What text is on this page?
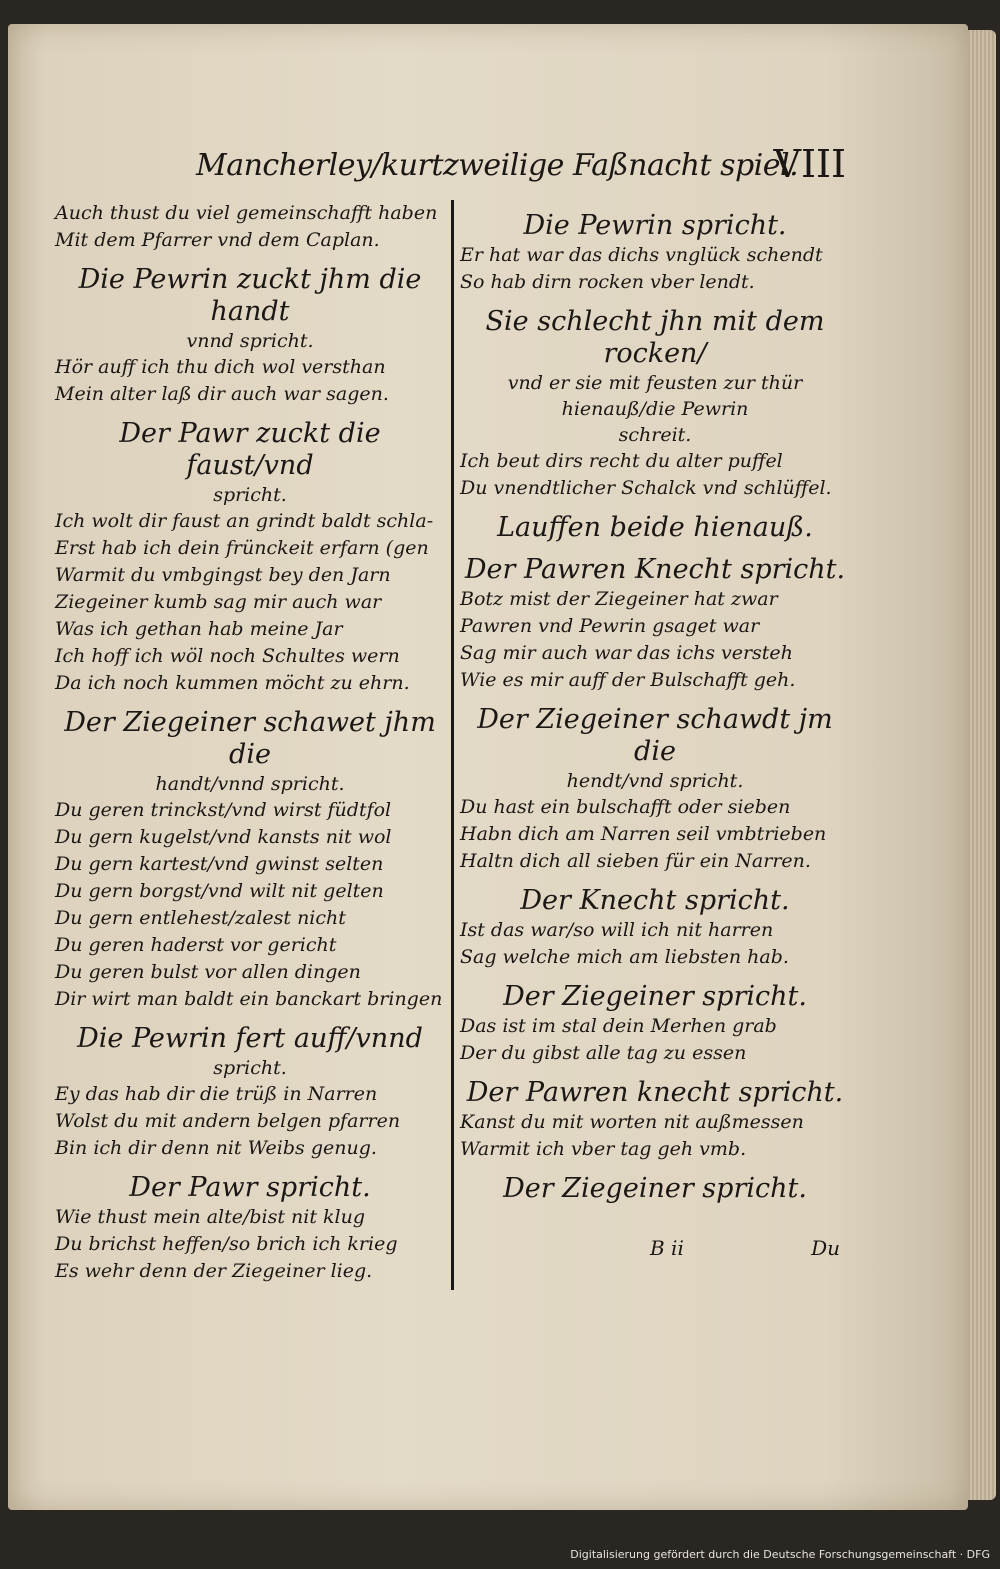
Mancherley/kurtzweilige Faßnacht spiel.
VIII
Auch thust du viel gemeinschafft haben
Mit dem Pfarrer vnd dem Caplan.
Die Pewrin zuckt jhm die handt
vnnd spricht.
Hör auff ich thu dich wol versthan
Mein alter laß dir auch war sagen.
Der Pawr zuckt die faust/vnd
spricht.
Ich wolt dir faust an grindt baldt schla-
Erst hab ich dein frünckeit erfarn (gen
Warmit du vmbgingst bey den Jarn
Ziegeiner kumb sag mir auch war
Was ich gethan hab meine Jar
Ich hoff ich wöl noch Schultes wern
Da ich noch kummen möcht zu ehrn.
Der Ziegeiner schawet jhm die
handt/vnnd spricht.
Du geren trinckst/vnd wirst füdtfol
Du gern kugelst/vnd kansts nit wol
Du gern kartest/vnd gwinst selten
Du gern borgst/vnd wilt nit gelten
Du gern entlehest/zalest nicht
Du geren haderst vor gericht
Du geren bulst vor allen dingen
Dir wirt man baldt ein banckart bringen
Die Pewrin fert auff/vnnd
spricht.
Ey das hab dir die trüß in Narren
Wolst du mit andern belgen pfarren
Bin ich dir denn nit Weibs genug.
Der Pawr spricht.
Wie thust mein alte/bist nit klug
Du brichst heffen/so brich ich krieg
Es wehr denn der Ziegeiner lieg.
Die Pewrin spricht.
Er hat war das dichs vnglück schendt
So hab dirn rocken vber lendt.
Sie schlecht jhn mit dem rocken/
vnd er sie mit feusten zur thür
hienauß/die Pewrin
schreit.
Ich beut dirs recht du alter puffel
Du vnendtlicher Schalck vnd schlüffel.
Lauffen beide hienauß.
Der Pawren Knecht spricht.
Botz mist der Ziegeiner hat zwar
Pawren vnd Pewrin gsaget war
Sag mir auch war das ichs versteh
Wie es mir auff der Bulschafft geh.
Der Ziegeiner schawdt jm die
hendt/vnd spricht.
Du hast ein bulschafft oder sieben
Habn dich am Narren seil vmbtrieben
Haltn dich all sieben für ein Narren.
Der Knecht spricht.
Ist das war/so will ich nit harren
Sag welche mich am liebsten hab.
Der Ziegeiner spricht.
Das ist im stal dein Merhen grab
Der du gibst alle tag zu essen
Der Pawren knecht spricht.
Kanst du mit worten nit außmessen
Warmit ich vber tag geh vmb.
Der Ziegeiner spricht.
B ii	Du
Digitalisierung gefördert durch die Deutsche Forschungsgemeinschaft · DFG
